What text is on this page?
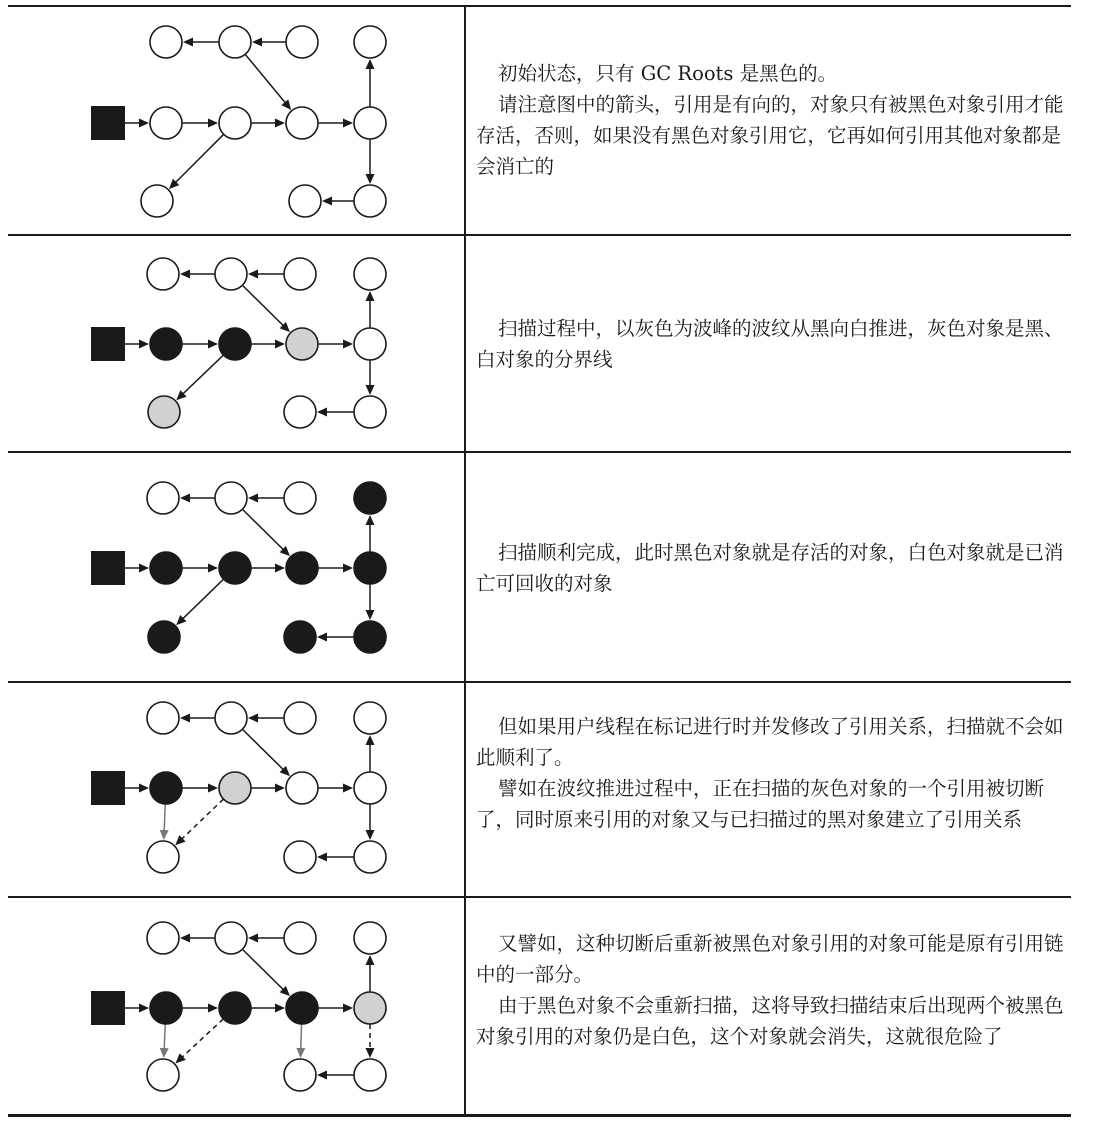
初始状态，只有 GC Roots 是黑色的。

请注意图中的箭头，引用是有向的，对象只有被黑色对象引用才能存活，否则，如果没有黑色对象引用它，它再如何引用其他对象都是会消亡的

扫描过程中，以灰色为波峰的波纹从黑向白推进，灰色对象是黑、白对象的分界线

扫描顺利完成，此时黑色对象就是存活的对象，白色对象就是已消亡可回收的对象

但如果用户线程在标记进行时并发修改了引用关系，扫描就不会如此顺利了。

譬如在波纹推进过程中，正在扫描的灰色对象的一个引用被切断了，同时原来引用的对象又与已扫描过的黑对象建立了引用关系

又譬如，这种切断后重新被黑色对象引用的对象可能是原有引用链中的一部分。

由于黑色对象不会重新扫描，这将导致扫描结束后出现两个被黑色对象引用的对象仍是白色，这个对象就会消失，这就很危险了
